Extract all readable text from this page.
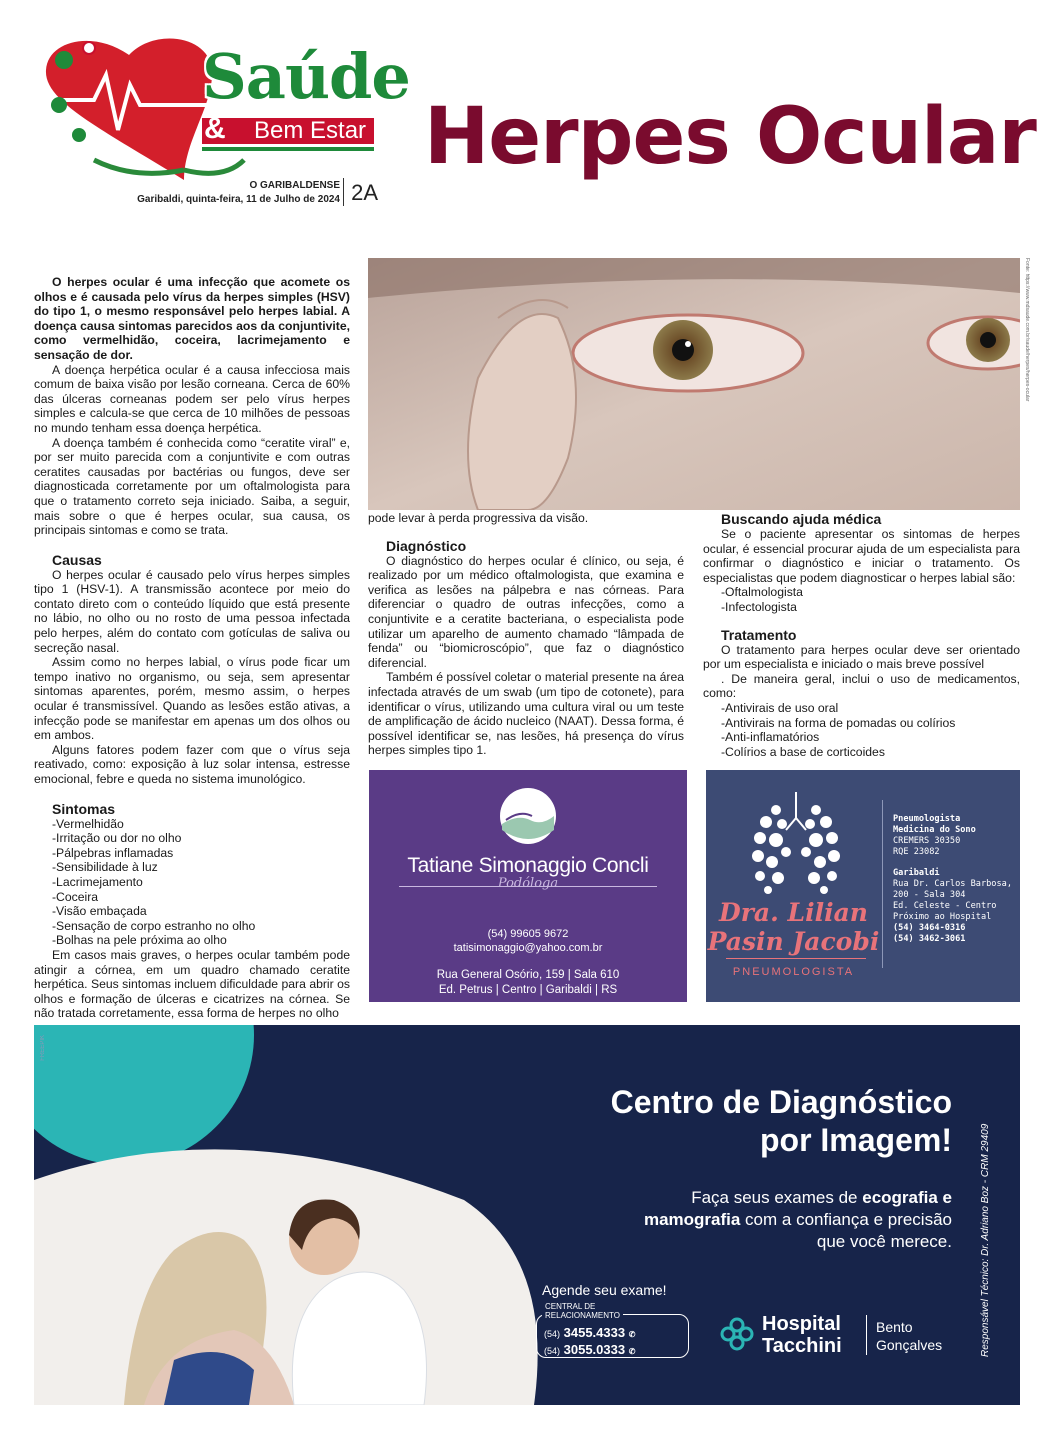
Saúde
& Bem Estar
O GARIBALDENSE
Garibaldi, quinta-feira, 11 de Julho de 2024 2A
Herpes Ocular

O herpes ocular é uma infecção que acomete os olhos e é causada pelo vírus da herpes simples (HSV) do tipo 1, o mesmo responsável pelo herpes labial. A doença causa sintomas parecidos aos da conjuntivite, como vermelhidão, coceira, lacrimejamento e sensação de dor.

A doença herpética ocular é a causa infecciosa mais comum de baixa visão por lesão corneana. Cerca de 60% das úlceras corneanas podem ser pelo vírus herpes simples e calcula-se que cerca de 10 milhões de pessoas no mundo tenham essa doença herpética.

A doença também é conhecida como “ceratite viral” e, por ser muito parecida com a conjuntivite e com outras ceratites causadas por bactérias ou fungos, deve ser diagnosticada corretamente por um oftalmologista para que o tratamento correto seja iniciado. Saiba, a seguir, mais sobre o que é herpes ocular, sua causa, os principais sintomas e como se trata.

Causas

O herpes ocular é causado pelo vírus herpes simples tipo 1 (HSV-1). A transmissão acontece por meio do contato direto com o conteúdo líquido que está presente no lábio, no olho ou no rosto de uma pessoa infectada pelo herpes, além do contato com gotículas de saliva ou secreção nasal.

Assim como no herpes labial, o vírus pode ficar um tempo inativo no organismo, ou seja, sem apresentar sintomas aparentes, porém, mesmo assim, o herpes ocular é transmissível. Quando as lesões estão ativas, a infecção pode se manifestar em apenas um dos olhos ou em ambos.

Alguns fatores podem fazer com que o vírus seja reativado, como: exposição à luz solar intensa, estresse emocional, febre e queda no sistema imunológico.

Sintomas
-Vermelhidão
-Irritação ou dor no olho
-Pálpebras inflamadas
-Sensibilidade à luz
-Lacrimejamento
-Coceira
-Visão embaçada
-Sensação de corpo estranho no olho
-Bolhas na pele próxima ao olho

Em casos mais graves, o herpes ocular também pode atingir a córnea, em um quadro chamado ceratite herpética. Seus sintomas incluem dificuldade para abrir os olhos e formação de úlceras e cicatrizes na córnea. Se não tratada corretamente, essa forma de herpes no olho

Fonte: https://www.mdsaude.com.br/saude/herpes/herpes-ocular
pode levar à perda progressiva da visão.
Diagnóstico

O diagnóstico do herpes ocular é clínico, ou seja, é realizado por um médico oftalmologista, que examina e verifica as lesões na pálpebra e nas córneas. Para diferenciar o quadro de outras infecções, como a conjuntivite e a ceratite bacteriana, o especialista pode utilizar um aparelho de aumento chamado “lâmpada de fenda” ou “biomicroscópio”, que faz o diagnóstico diferencial.

Também é possível coletar o material presente na área infectada através de um swab (um tipo de cotonete), para identificar o vírus, utilizando uma cultura viral ou um teste de amplificação de ácido nucleico (NAAT). Dessa forma, é possível identificar se, nas lesões, há presença do vírus herpes simples tipo 1.

Buscando ajuda médica

Se o paciente apresentar os sintomas de herpes ocular, é essencial procurar ajuda de um especialista para confirmar o diagnóstico e iniciar o tratamento. Os especialistas que podem diagnosticar o herpes labial são:

-Oftalmologista
-Infectologista
Tratamento

O tratamento para herpes ocular deve ser orientado por um especialista e iniciado o mais breve possível

. De maneira geral, inclui o uso de medicamentos, como:

-Antivirais de uso oral
-Antivirais na forma de pomadas ou colírios
-Anti-inflamatórios
-Colírios a base de corticoides
Tatiane Simonaggio Concli
Podóloga
(54) 99605 9672
tatisimonaggio@yahoo.com.br
Rua General Osório, 159 | Sala 610
Ed. Petrus | Centro | Garibaldi | RS
Dra. Lilian
Pasin Jacobi
PNEUMOLOGISTA
Pneumologista
Medicina do Sono
CREMERS 30350
RQE 23082
Garibaldi
Rua Dr. Carlos Barbosa,
200 - Sala 304
Ed. Celeste - Centro
Próximo ao Hospital
(54) 3464-0316
(54) 3462-3061
FREEPIK
Centro de Diagnóstico
por Imagem!
Faça seus exames de ecografia e
mamografia com a confiança e precisão
que você merece.
Agende seu exame!
CENTRAL DE
RELACIONAMENTO
(54) 3455.4333 ✆
(54) 3055.0333 ✆
Hospital
Tacchini
Bento
Gonçalves	Responsável Técnico: Dr. Adriano Boz - CRM 29409
